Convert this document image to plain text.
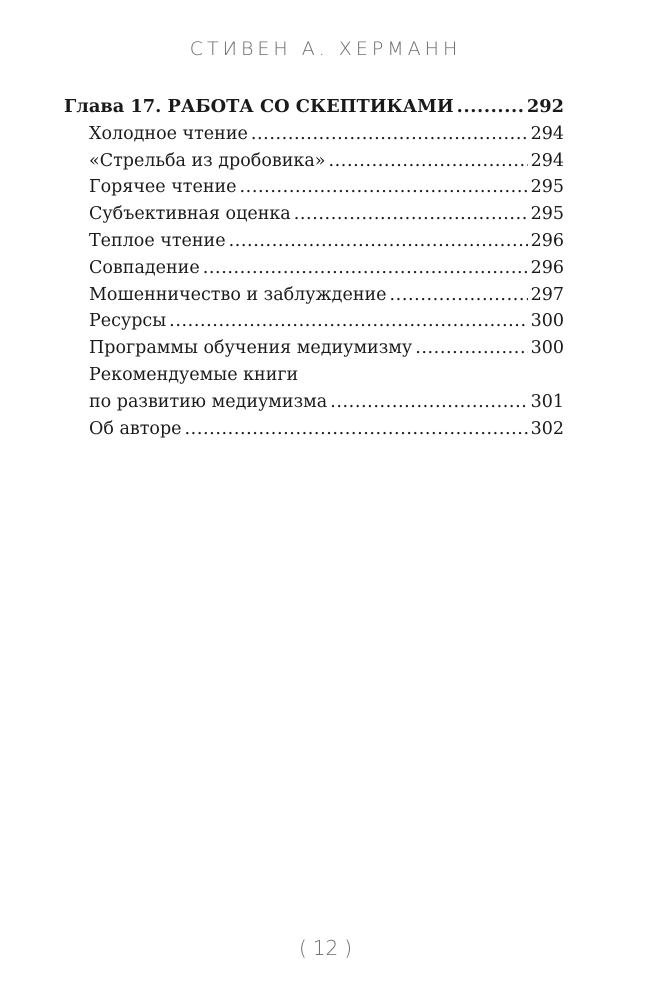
СТИВЕН А. ХЕРМАНН
Глава 17. РАБОТА СО СКЕПТИКАМИ .....	292
Холодное чтение .....	294
«Стрельба из дробовика» .....	294
Горячее чтение .....	295
Субъективная оценка .....	295
Теплое чтение .....	296
Совпадение .....	296
Мошенничество и заблуждение .....	297
Ресурсы .....	300
Программы обучения медиумизму .....	300
Рекомендуемые книги
по развитию медиумизма .....	301
Об авторе .....	302
( 12 )
